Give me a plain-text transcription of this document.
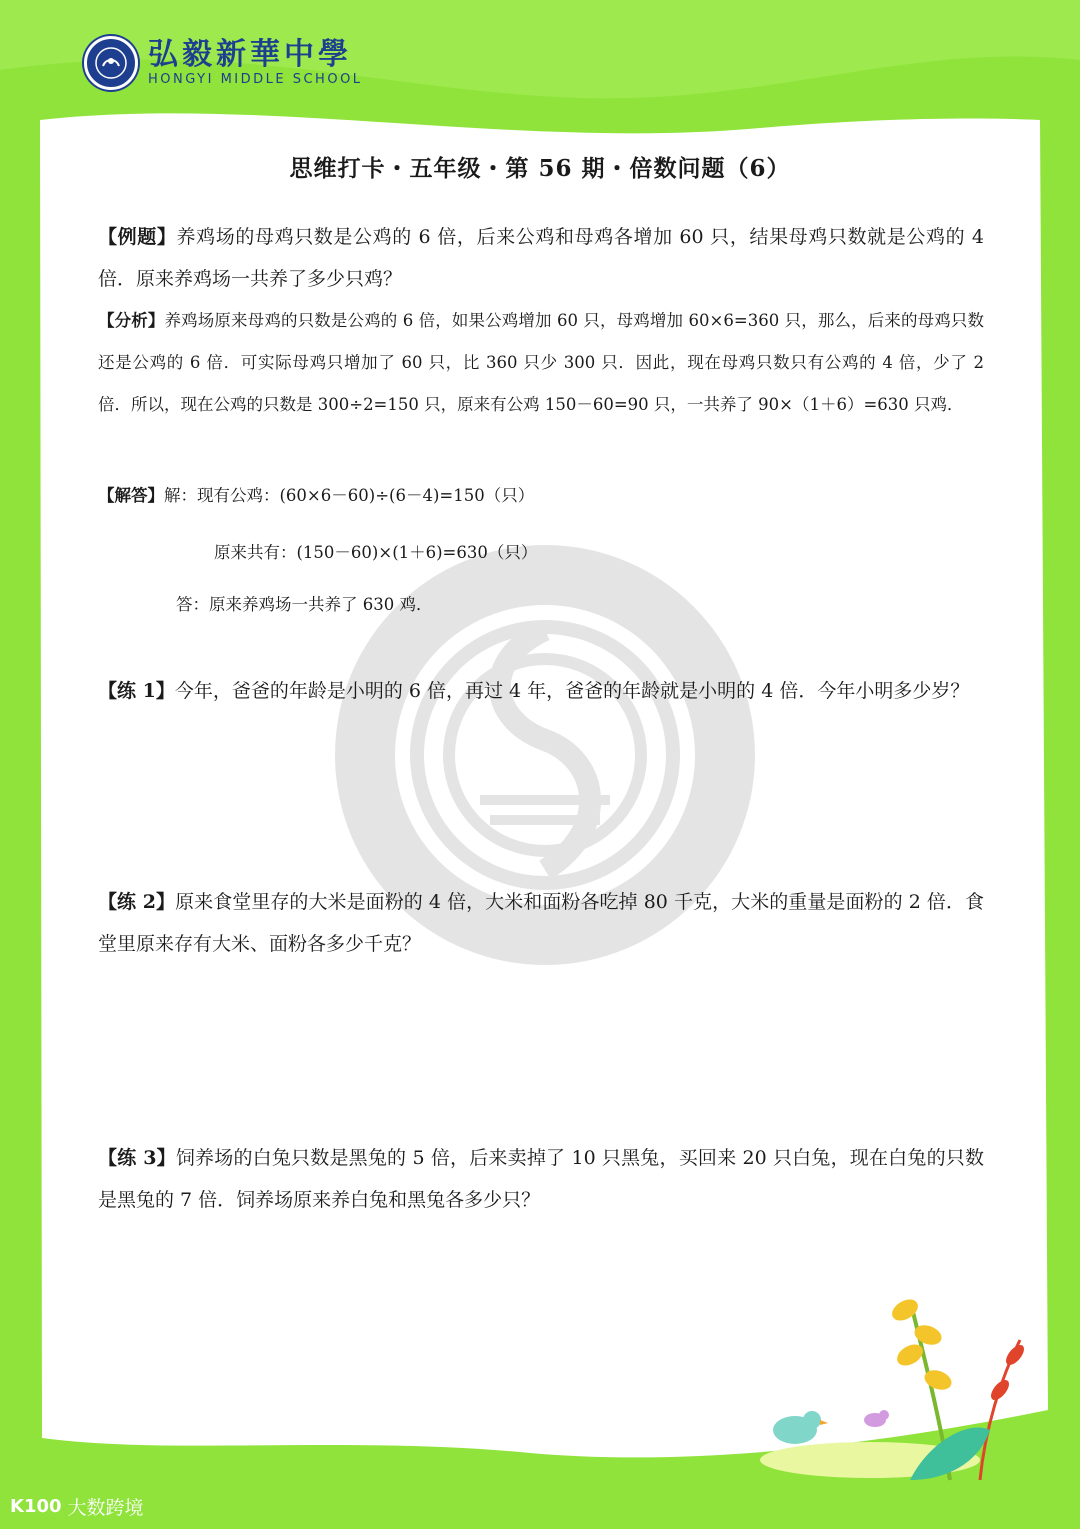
弘毅新華中學
HONGYI MIDDLE SCHOOL
思维打卡・五年级・第 56 期・倍数问题（6）
【例题】养鸡场的母鸡只数是公鸡的 6 倍，后来公鸡和母鸡各增加 60 只，结果母鸡只数就是公鸡的 4 倍．原来养鸡场一共养了多少只鸡？
【分析】养鸡场原来母鸡的只数是公鸡的 6 倍，如果公鸡增加 60 只，母鸡增加 60×6=360 只，那么，后来的母鸡只数还是公鸡的 6 倍．可实际母鸡只增加了 60 只，比 360 只少 300 只．因此，现在母鸡只数只有公鸡的 4 倍，少了 2 倍．所以，现在公鸡的只数是 300÷2=150 只，原来有公鸡 150－60=90 只，一共养了 90×（1＋6）=630 只鸡．
【解答】解：现有公鸡：(60×6－60)÷(6－4)=150（只）
原来共有：(150－60)×(1＋6)=630（只）
答：原来养鸡场一共养了 630 鸡．
【练 1】今年，爸爸的年龄是小明的 6 倍，再过 4 年，爸爸的年龄就是小明的 4 倍．今年小明多少岁？
【练 2】原来食堂里存的大米是面粉的 4 倍，大米和面粉各吃掉 80 千克，大米的重量是面粉的 2 倍．食堂里原来存有大米、面粉各多少千克？
【练 3】饲养场的白兔只数是黑兔的 5 倍，后来卖掉了 10 只黑兔，买回来 20 只白兔，现在白兔的只数是黑兔的 7 倍．饲养场原来养白兔和黑兔各多少只？
K100 大数跨境
